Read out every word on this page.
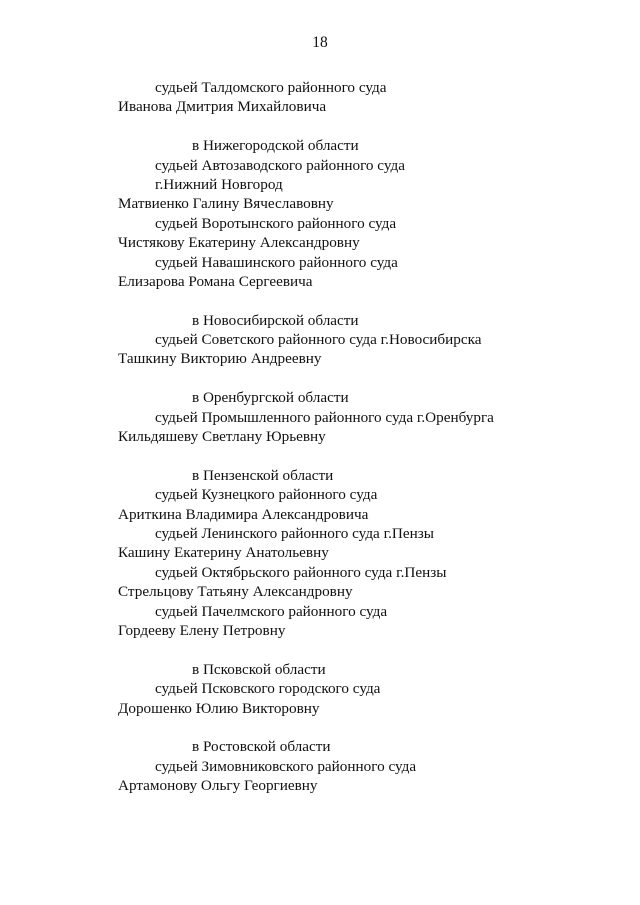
18
судьей Талдомского районного суда
Иванова Дмитрия Михайловича
в Нижегородской области
судьей Автозаводского районного суда
г.Нижний Новгород
Матвиенко Галину Вячеславовну
судьей Воротынского районного суда
Чистякову Екатерину Александровну
судьей Навашинского районного суда
Елизарова Романа Сергеевича
в Новосибирской области
судьей Советского районного суда г.Новосибирска
Ташкину Викторию Андреевну
в Оренбургской области
судьей Промышленного районного суда г.Оренбурга
Кильдяшеву Светлану Юрьевну
в Пензенской области
судьей Кузнецкого районного суда
Ариткина Владимира Александровича
судьей Ленинского районного суда г.Пензы
Кашину Екатерину Анатольевну
судьей Октябрьского районного суда г.Пензы
Стрельцову Татьяну Александровну
судьей Пачелмского районного суда
Гордееву Елену Петровну
в Псковской области
судьей Псковского городского суда
Дорошенко Юлию Викторовну
в Ростовской области
судьей Зимовниковского районного суда
Артамонову Ольгу Георгиевну
